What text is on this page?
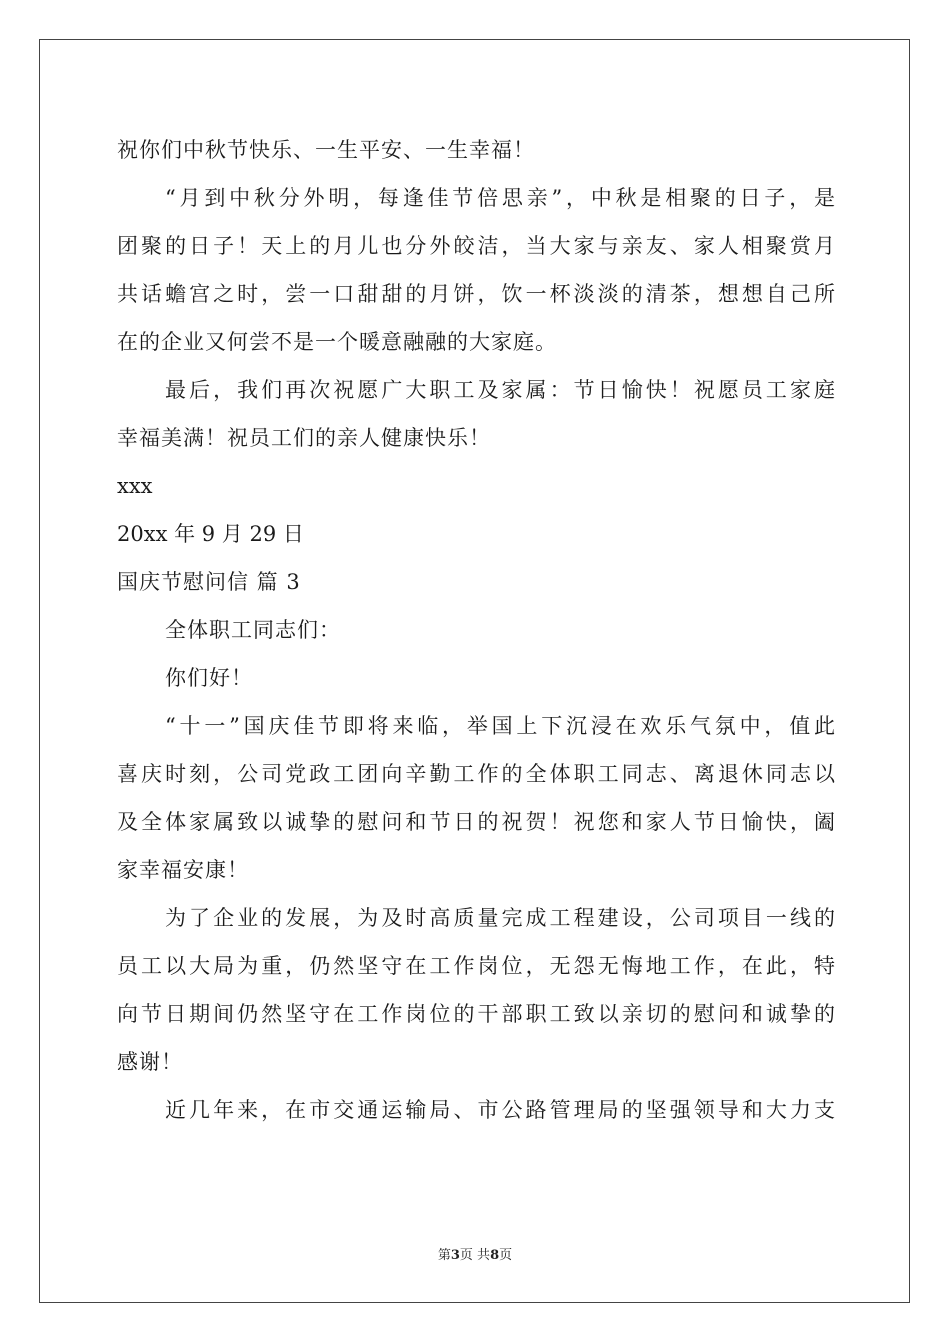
祝你们中秋节快乐、一生平安、一生幸福！
“月到中秋分外明，每逢佳节倍思亲”，中秋是相聚的日子，是
团聚的日子！天上的月儿也分外皎洁，当大家与亲友、家人相聚赏月
共话蟾宫之时，尝一口甜甜的月饼，饮一杯淡淡的清茶，想想自己所
在的企业又何尝不是一个暖意融融的大家庭。
最后，我们再次祝愿广大职工及家属：节日愉快！祝愿员工家庭
幸福美满！祝员工们的亲人健康快乐！
xxx
20xx 年 9 月 29 日
国庆节慰问信 篇 3
全体职工同志们：
你们好！
“十一”国庆佳节即将来临，举国上下沉浸在欢乐气氛中，值此
喜庆时刻，公司党政工团向辛勤工作的全体职工同志、离退休同志以
及全体家属致以诚挚的慰问和节日的祝贺！祝您和家人节日愉快，阖
家幸福安康！
为了企业的发展，为及时高质量完成工程建设，公司项目一线的
员工以大局为重，仍然坚守在工作岗位，无怨无悔地工作，在此，特
向节日期间仍然坚守在工作岗位的干部职工致以亲切的慰问和诚挚的
感谢！
近几年来，在市交通运输局、市公路管理局的坚强领导和大力支
第3页 共8页
